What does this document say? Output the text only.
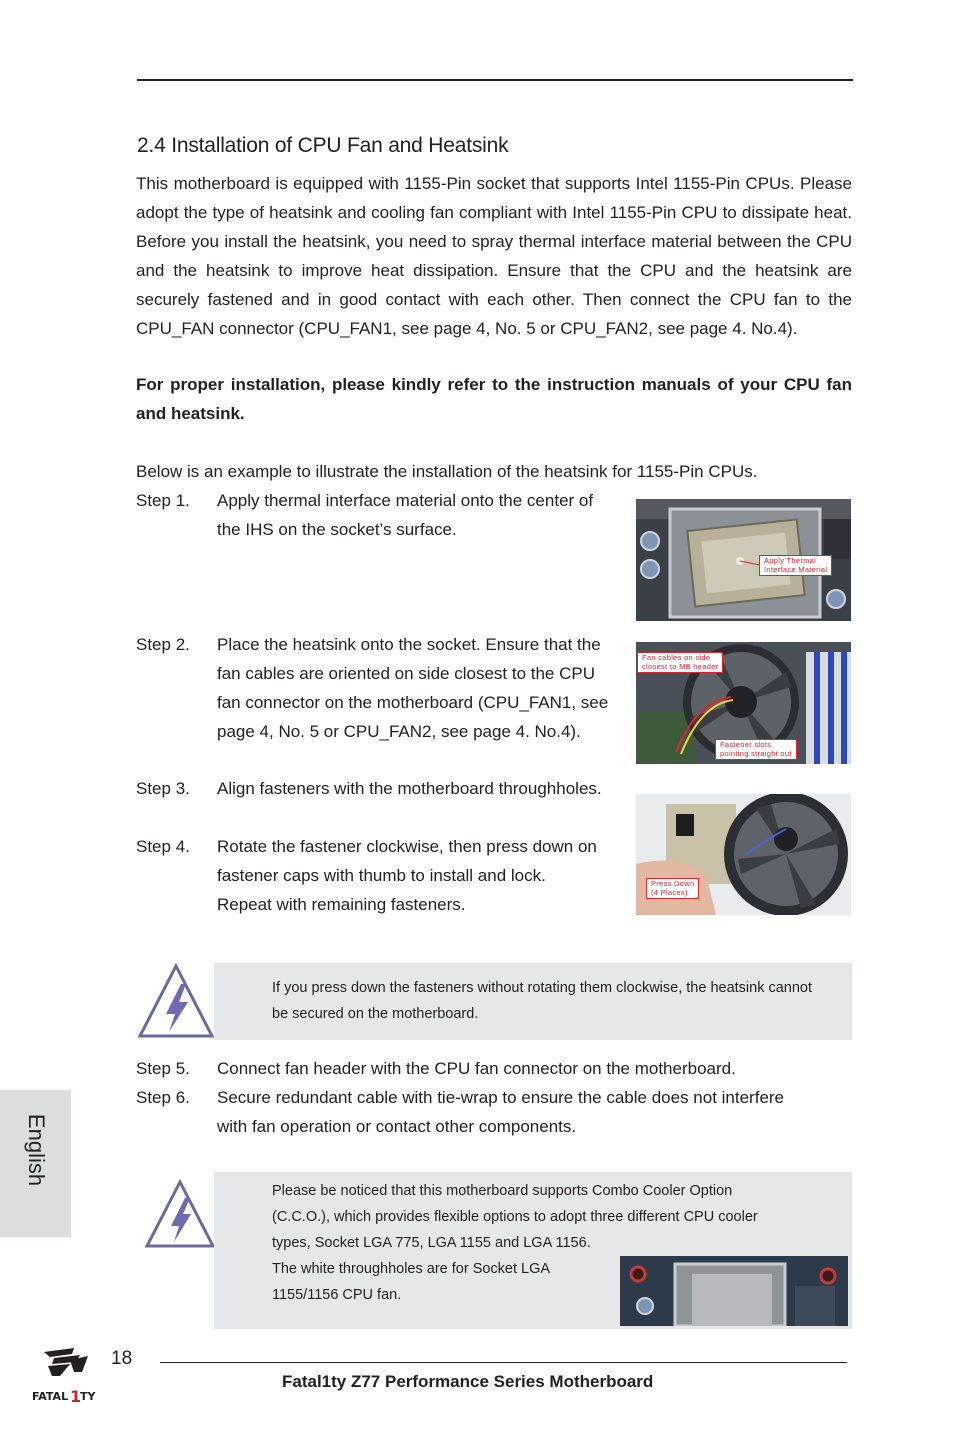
2.4 Installation of CPU Fan and Heatsink
This motherboard is equipped with 1155-Pin socket that supports Intel 1155-Pin CPUs. Please adopt the type of heatsink and cooling fan compliant with Intel 1155-Pin CPU to dissipate heat. Before you install the heatsink, you need to spray thermal interface material between the CPU and the heatsink to improve heat dissipation. Ensure that the CPU and the heatsink are securely fastened and in good contact with each other. Then connect the CPU fan to the CPU_FAN connector (CPU_FAN1, see page 4, No. 5 or CPU_FAN2, see page 4. No.4).
For proper installation, please kindly refer to the instruction manuals of your CPU fan and heatsink.
Below is an example to illustrate the installation of the heatsink for 1155-Pin CPUs.
Step 1. Apply thermal interface material onto the center of the IHS on the socket’s surface.
Apply Thermal
Interface Material
Step 2. Place the heatsink onto the socket. Ensure that the fan cables are oriented on side closest to the CPU fan connector on the motherboard (CPU_FAN1, see page 4, No. 5 or CPU_FAN2, see page 4. No.4).
Fan cables on side
closest to MB header
Fastener slots
pointing straight out
Step 3. Align fasteners with the motherboard throughholes.
Step 4. Rotate the fastener clockwise, then press down on fastener caps with thumb to install and lock. Repeat with remaining fasteners.
Press Down
(4 Places)
If you press down the fasteners without rotating them clockwise, the heatsink cannot be secured on the motherboard.
Step 5. Connect fan header with the CPU fan connector on the motherboard.
Step 6. Secure redundant cable with tie-wrap to ensure the cable does not interfere with fan operation or contact other components.
Please be noticed that this motherboard supports Combo Cooler Option (C.C.O.), which provides flexible options to adopt three different CPU cooler types, Socket LGA 775, LGA 1155 and LGA 1156.
The white throughholes are for Socket LGA 1155/1156 CPU fan.
English
FATAL 1
TY
18
Fatal1ty Z77 Performance Series Motherboard
